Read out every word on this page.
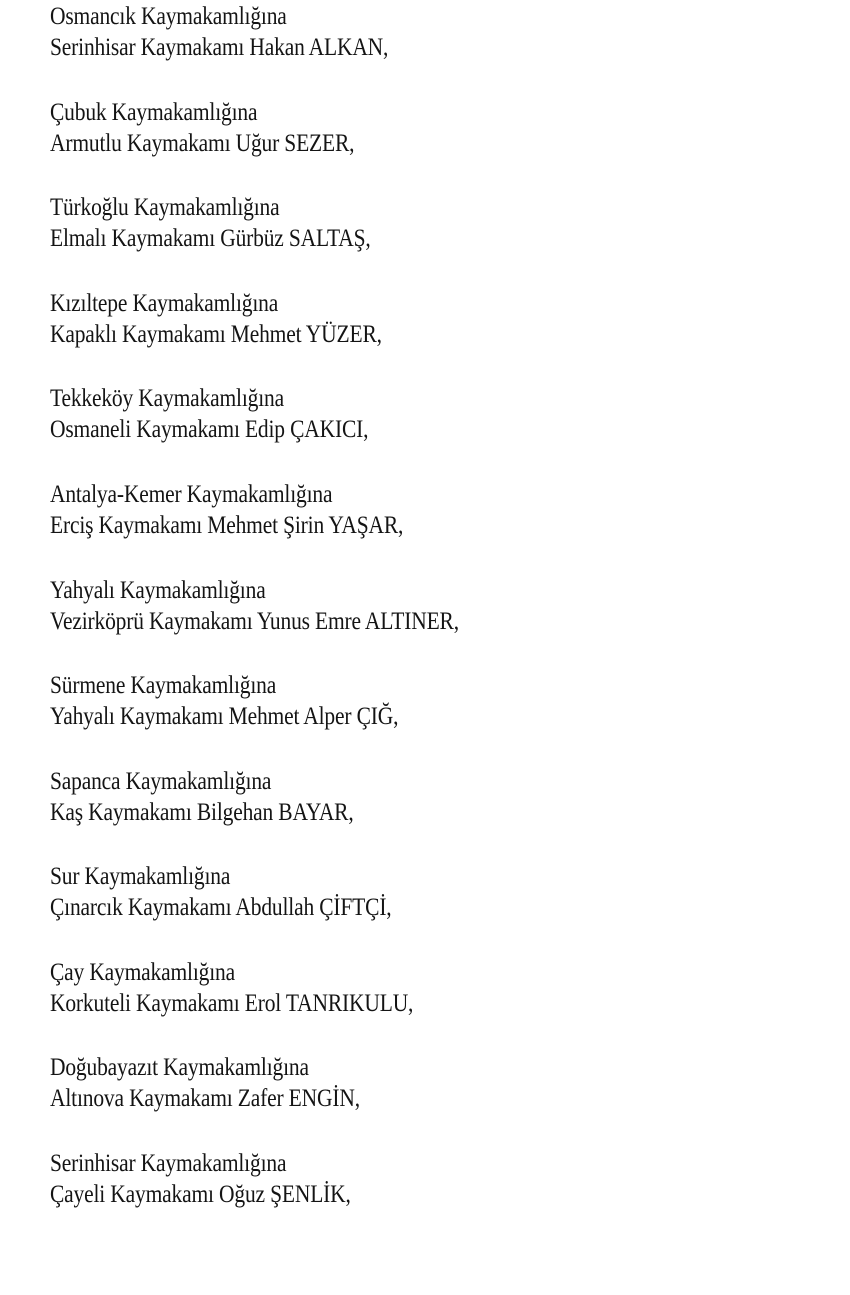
Osmancık Kaymakamlığına
Serinhisar Kaymakamı Hakan ALKAN,
Çubuk Kaymakamlığına
Armutlu Kaymakamı Uğur SEZER,
Türkoğlu Kaymakamlığına
Elmalı Kaymakamı Gürbüz SALTAŞ,
Kızıltepe Kaymakamlığına
Kapaklı Kaymakamı Mehmet YÜZER,
Tekkeköy Kaymakamlığına
Osmaneli Kaymakamı Edip ÇAKICI,
Antalya-Kemer Kaymakamlığına
Erciş Kaymakamı Mehmet Şirin YAŞAR,
Yahyalı Kaymakamlığına
Vezirköprü Kaymakamı Yunus Emre ALTINER,
Sürmene Kaymakamlığına
Yahyalı Kaymakamı Mehmet Alper ÇIĞ,
Sapanca Kaymakamlığına
Kaş Kaymakamı Bilgehan BAYAR,
Sur Kaymakamlığına
Çınarcık Kaymakamı Abdullah ÇİFTÇİ,
Çay Kaymakamlığına
Korkuteli Kaymakamı Erol TANRIKULU,
Doğubayazıt Kaymakamlığına
Altınova Kaymakamı Zafer ENGİN,
Serinhisar Kaymakamlığına
Çayeli Kaymakamı Oğuz ŞENLİK,
